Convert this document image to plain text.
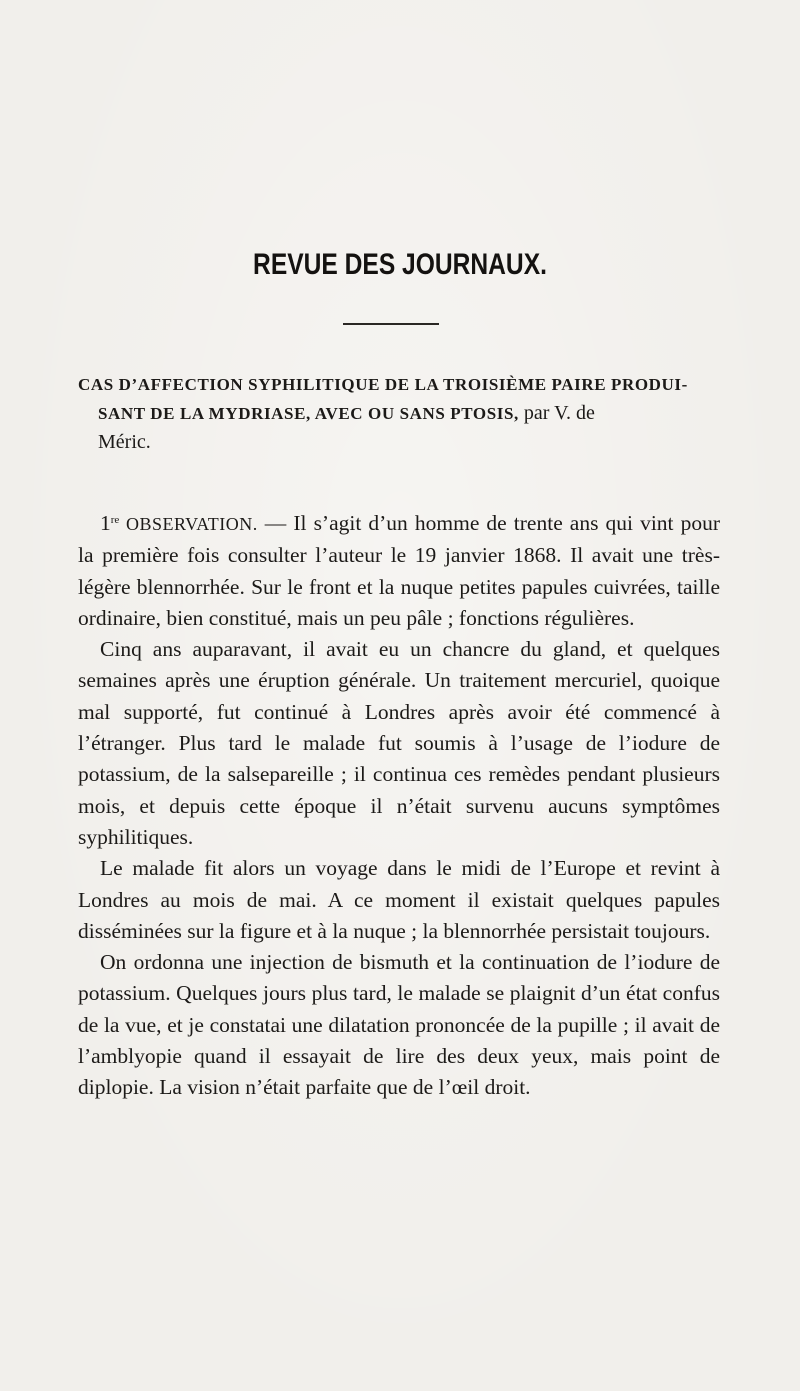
REVUE DES JOURNAUX.
CAS D’AFFECTION SYPHILITIQUE DE LA TROISIÈME PAIRE PRODUI-
SANT DE LA MYDRIASE, AVEC OU SANS PTOSIS, par V. de
Méric.

1re OBSERVATION. — Il s’agit d’un homme de trente ans qui vint pour la première fois consulter l’auteur le 19 janvier 1868. Il avait une très-légère blennorrhée. Sur le front et la nuque petites papules cuivrées, taille ordinaire, bien constitué, mais un peu pâle ; fonctions régulières.

Cinq ans auparavant, il avait eu un chancre du gland, et quelques semaines après une éruption générale. Un traitement mercuriel, quoique mal supporté, fut continué à Londres après avoir été commencé à l’étranger. Plus tard le malade fut soumis à l’usage de l’iodure de potassium, de la salsepareille ; il continua ces remèdes pendant plusieurs mois, et depuis cette époque il n’était survenu aucuns symptômes syphilitiques.

Le malade fit alors un voyage dans le midi de l’Europe et revint à Londres au mois de mai. A ce moment il existait quelques papules disséminées sur la figure et à la nuque ; la blennorrhée persistait toujours.

On ordonna une injection de bismuth et la continuation de l’iodure de potassium. Quelques jours plus tard, le malade se plaignit d’un état confus de la vue, et je constatai une dilatation prononcée de la pupille ; il avait de l’amblyopie quand il essayait de lire des deux yeux, mais point de diplopie. La vision n’était parfaite que de l’œil droit.
